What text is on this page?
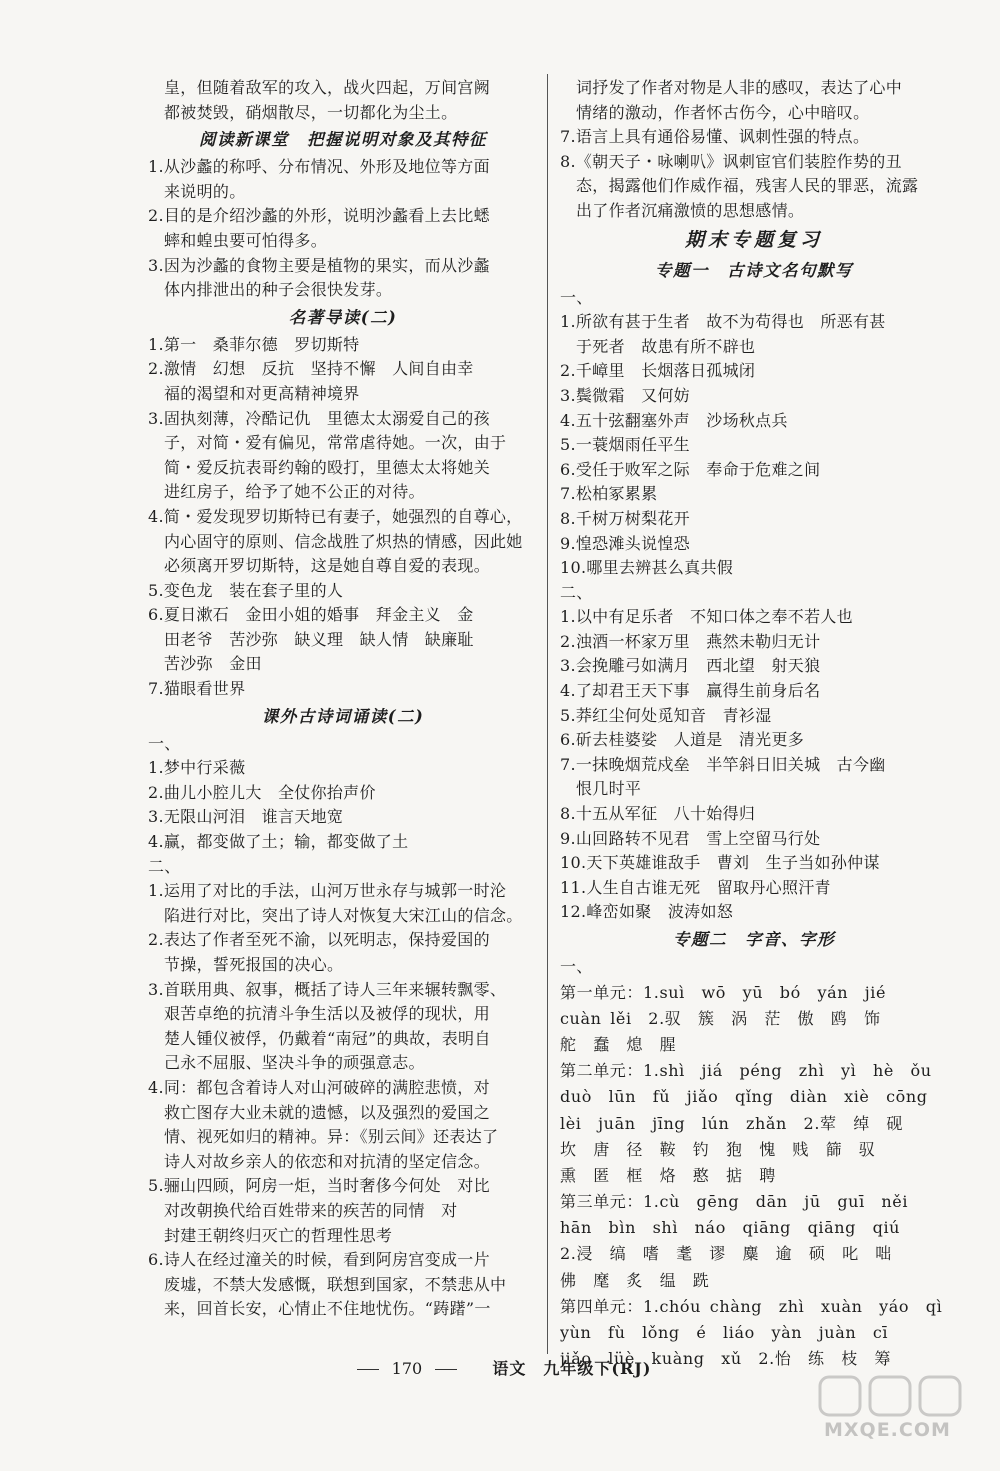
皇，但随着敌军的攻入，战火四起，万间宫阙
都被焚毁，硝烟散尽，一切都化为尘土。
阅读新课堂　把握说明对象及其特征
1.从沙蠡的称呼、分布情况、外形及地位等方面
来说明的。
2.目的是介绍沙蠡的外形，说明沙蠡看上去比蟋
蟀和蝗虫要可怕得多。
3.因为沙蠡的食物主要是植物的果实，而从沙蠡
体内排泄出的种子会很快发芽。
名著导读(二)
1.第一　桑菲尔德　罗切斯特
2.激情　幻想　反抗　坚持不懈　人间自由幸
福的渴望和对更高精神境界
3.固执刻薄，冷酷记仇　里德太太溺爱自己的孩
子，对简・爱有偏见，常常虐待她。一次，由于
简・爱反抗表哥约翰的殴打，里德太太将她关
进红房子，给予了她不公正的对待。
4.简・爱发现罗切斯特已有妻子，她强烈的自尊心，
内心固守的原则、信念战胜了炽热的情感，因此她
必须离开罗切斯特，这是她自尊自爱的表现。
5.变色龙　装在套子里的人
6.夏日漱石　金田小姐的婚事　拜金主义　金
田老爷　苦沙弥　缺义理　缺人情　缺廉耻
苦沙弥　金田
7.猫眼看世界
课外古诗词诵读(二)
一、
1.梦中行采薇
2.曲儿小腔儿大　全仗你抬声价
3.无限山河泪　谁言天地宽
4.赢，都变做了土；输，都变做了土
二、
1.运用了对比的手法，山河万世永存与城郭一时沦
陷进行对比，突出了诗人对恢复大宋江山的信念。
2.表达了作者至死不渝，以死明志，保持爱国的
节操，誓死报国的决心。
3.首联用典、叙事，概括了诗人三年来辗转飘零、
艰苦卓绝的抗清斗争生活以及被俘的现状，用
楚人锺仪被俘，仍戴着“南冠”的典故，表明自
己永不屈服、坚决斗争的顽强意志。
4.同：都包含着诗人对山河破碎的满腔悲愤，对
救亡图存大业未就的遗憾，以及强烈的爱国之
情、视死如归的精神。异：《别云间》还表达了
诗人对故乡亲人的依恋和对抗清的坚定信念。
5.骊山四顾，阿房一炬，当时奢侈今何处　对比
对改朝换代给百姓带来的疾苦的同情　对
封建王朝终归灭亡的哲理性思考
6.诗人在经过潼关的时候，看到阿房宫变成一片
废墟，不禁大发感慨，联想到国家，不禁悲从中
来，回首长安，心情止不住地忧伤。“踌躇”一
词抒发了作者对物是人非的感叹，表达了心中
情绪的激动，作者怀古伤今，心中暗叹。
7.语言上具有通俗易懂、讽刺性强的特点。
8.《朝天子・咏喇叭》讽刺宦官们装腔作势的丑
态，揭露他们作威作福，残害人民的罪恶，流露
出了作者沉痛激愤的思想感情。
期末专题复习
专题一　古诗文名句默写
一、
1.所欲有甚于生者　故不为苟得也　所恶有甚
于死者　故患有所不辟也
2.千嶂里　长烟落日孤城闭
3.鬓微霜　又何妨
4.五十弦翻塞外声　沙场秋点兵
5.一蓑烟雨任平生
6.受任于败军之际　奉命于危难之间
7.松柏冢累累
8.千树万树梨花开
9.惶恐滩头说惶恐
10.哪里去辨甚么真共假
二、
1.以中有足乐者　不知口体之奉不若人也
2.浊酒一杯家万里　燕然未勒归无计
3.会挽雕弓如满月　西北望　射天狼
4.了却君王天下事　赢得生前身后名
5.莽红尘何处觅知音　青衫湿
6.斫去桂婆娑　人道是　清光更多
7.一抹晚烟荒戍垒　半竿斜日旧关城　古今幽
恨几时平
8.十五从军征　八十始得归
9.山回路转不见君　雪上空留马行处
10.天下英雄谁敌手　曹刘　生子当如孙仲谋
11.人生自古谁无死　留取丹心照汗青
12.峰峦如聚　波涛如怒
专题二　字音、字形
一、
第一单元：1.suì　wō　yū　bó　yán　jié
cuàn lěi　2.驭　簇　涡　茫　傲　鸥　饰
舵　蠢　熄　腥
第二单元：1.shì　jiá　péng　zhì　yì　hè　ǒu
duò　lūn　fǔ　jiǎo　qǐng　diàn　xiè　cōng
lèi　juān　jīng　lún　zhǎn　2.荤　绰　砚
坎　唐　径　鞍　钓　狍　愧　贱　篩　驭
熏　匿　框　烙　憨　掂　聘
第三单元：1.cù　gēng　dān　jū　guī　něi
hān　bìn　shì　náo　qiāng　qiāng　qiú
2.浸　缟　嗜　耄　谬　麋　逾　硕　叱　咄
佛　麾　炙　缊　跣
第四单元：1.chóu chàng　zhì　xuàn　yáo　qì
yùn　fù　lǒng　é　liáo　yàn　juàn　cī
jiǎo　lüè　kuàng　xǔ　2.怡　练　枝　筹
170	语文　九年级下(RJ)
MXQE.COM
